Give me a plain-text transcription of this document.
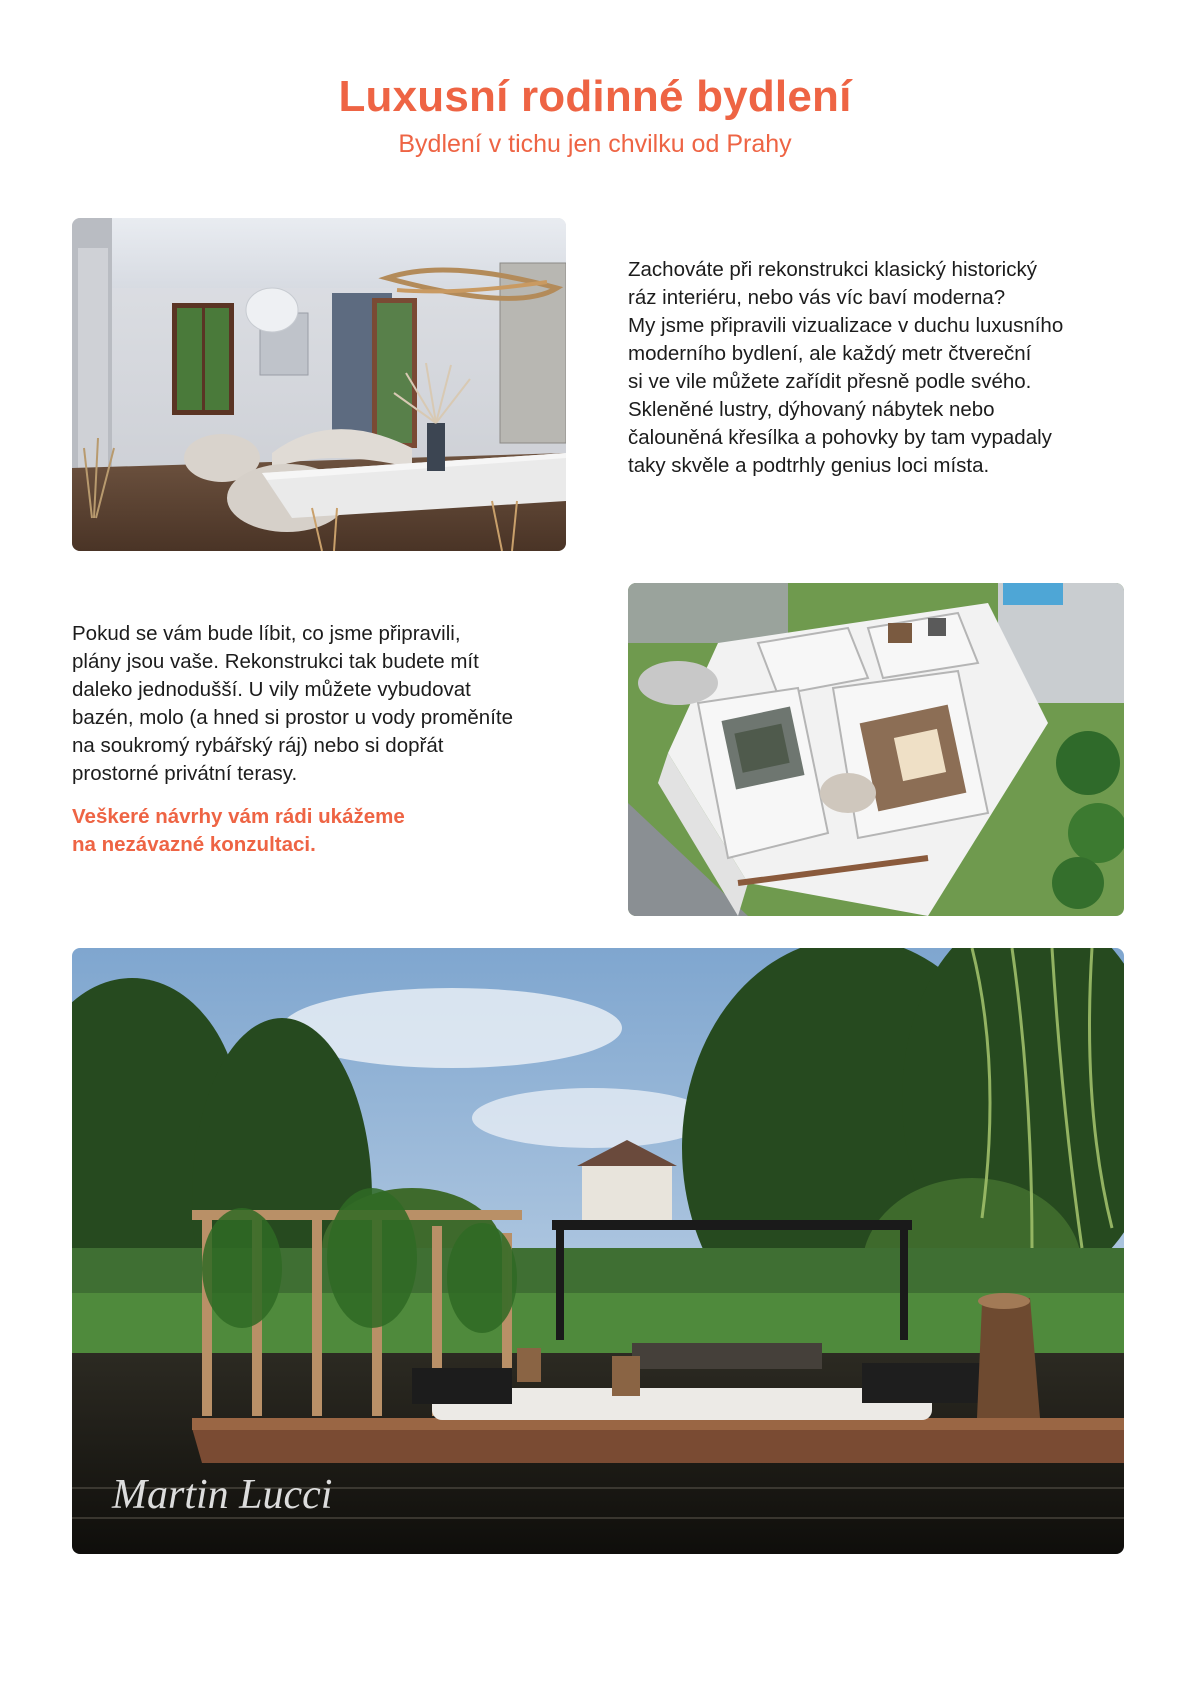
Luxusní rodinné bydlení

Bydlení v tichu jen chvilku od Prahy

Zachováte při rekonstrukci klasický historický
ráz interiéru, nebo vás víc baví moderna?
My jsme připravili vizualizace v duchu luxusního
moderního bydlení, ale každý metr čtvereční
si ve vile můžete zařídit přesně podle svého.
Skleněné lustry, dýhovaný nábytek nebo
čalouněná křesílka a pohovky by tam vypadaly
taky skvěle a podtrhly genius loci místa.

Pokud se vám bude líbit, co jsme připravili,
plány jsou vaše. Rekonstrukci tak budete mít
daleko jednodušší. U vily můžete vybudovat
bazén, molo (a hned si prostor u vody proměníte
na soukromý rybářský ráj) nebo si dopřát
prostorné privátní terasy.

Veškeré návrhy vám rádi ukážeme
na nezávazné konzultaci.

Martin Lucci
